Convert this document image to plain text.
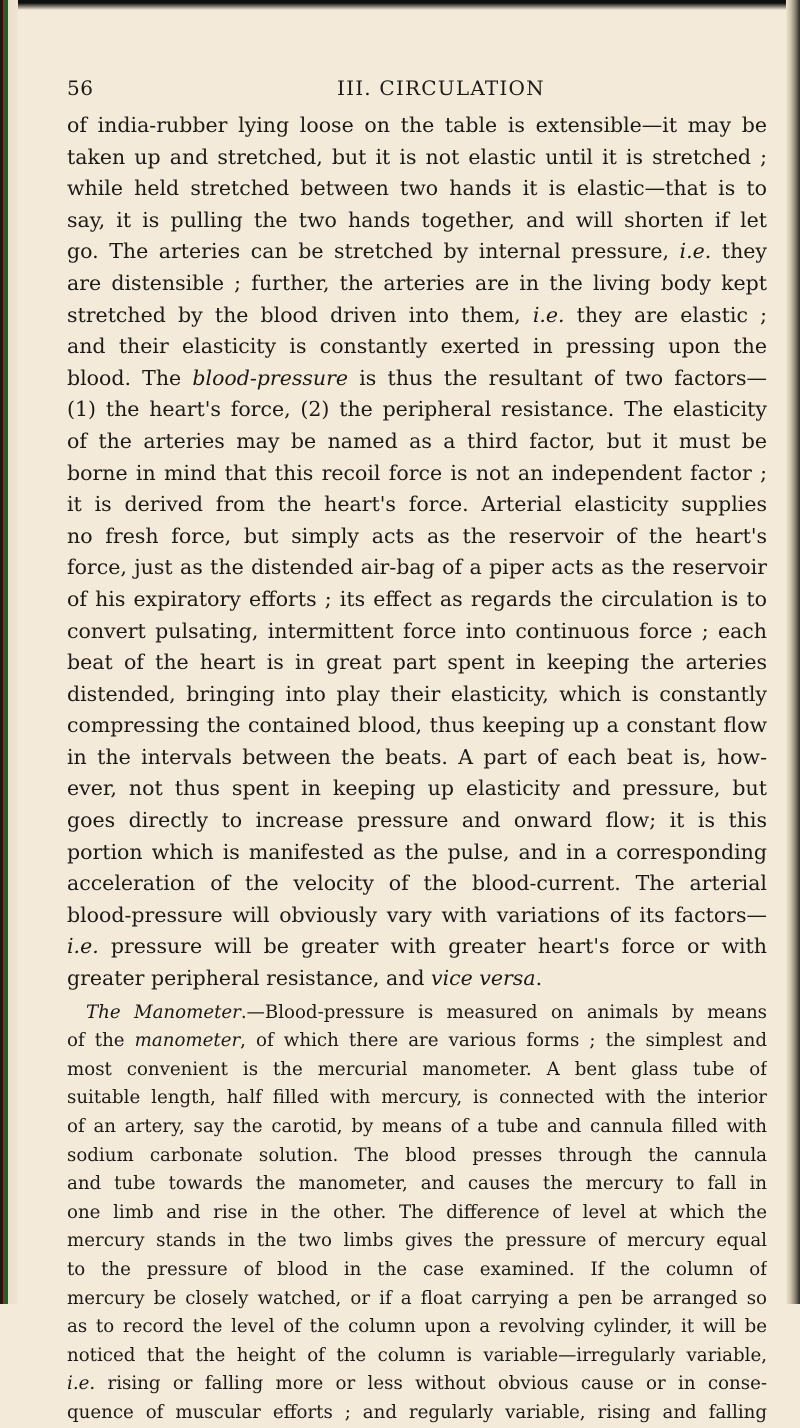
56	III. CIRCULATION

of india-rubber lying loose on the table is extensible—it may be

taken up and stretched, but it is not elastic until it is stretched ;

while held stretched between two hands it is elastic—that is to

say, it is pulling the two hands together, and will shorten if let

go. The arteries can be stretched by internal pressure, i.e. they

are distensible ; further, the arteries are in the living body kept

stretched by the blood driven into them, i.e. they are elastic ;

and their elasticity is constantly exerted in pressing upon the

blood. The blood-pressure is thus the resultant of two factors—

(1) the heart's force, (2) the peripheral resistance. The elasticity

of the arteries may be named as a third factor, but it must be

borne in mind that this recoil force is not an independent factor ;

it is derived from the heart's force. Arterial elasticity supplies

no fresh force, but simply acts as the reservoir of the heart's

force, just as the distended air-bag of a piper acts as the reservoir

of his expiratory efforts ; its effect as regards the circulation is to

convert pulsating, intermittent force into continuous force ; each

beat of the heart is in great part spent in keeping the arteries

distended, bringing into play their elasticity, which is constantly

compressing the contained blood, thus keeping up a constant flow

in the intervals between the beats. A part of each beat is, how-

ever, not thus spent in keeping up elasticity and pressure, but

goes directly to increase pressure and onward flow; it is this

portion which is manifested as the pulse, and in a corresponding

acceleration of the velocity of the blood-current. The arterial

blood-pressure will obviously vary with variations of its factors—

i.e. pressure will be greater with greater heart's force or with

greater peripheral resistance, and vice versa.

The Manometer.—Blood-pressure is measured on animals by means

of the manometer, of which there are various forms ; the simplest and

most convenient is the mercurial manometer. A bent glass tube of

suitable length, half filled with mercury, is connected with the interior

of an artery, say the carotid, by means of a tube and cannula filled with

sodium carbonate solution. The blood presses through the cannula

and tube towards the manometer, and causes the mercury to fall in

one limb and rise in the other. The difference of level at which the

mercury stands in the two limbs gives the pressure of mercury equal

to the pressure of blood in the case examined. If the column of

mercury be closely watched, or if a float carrying a pen be arranged so

as to record the level of the column upon a revolving cylinder, it will be

noticed that the height of the column is variable—irregularly variable,

i.e. rising or falling more or less without obvious cause or in conse-

quence of muscular efforts ; and regularly variable, rising and falling
